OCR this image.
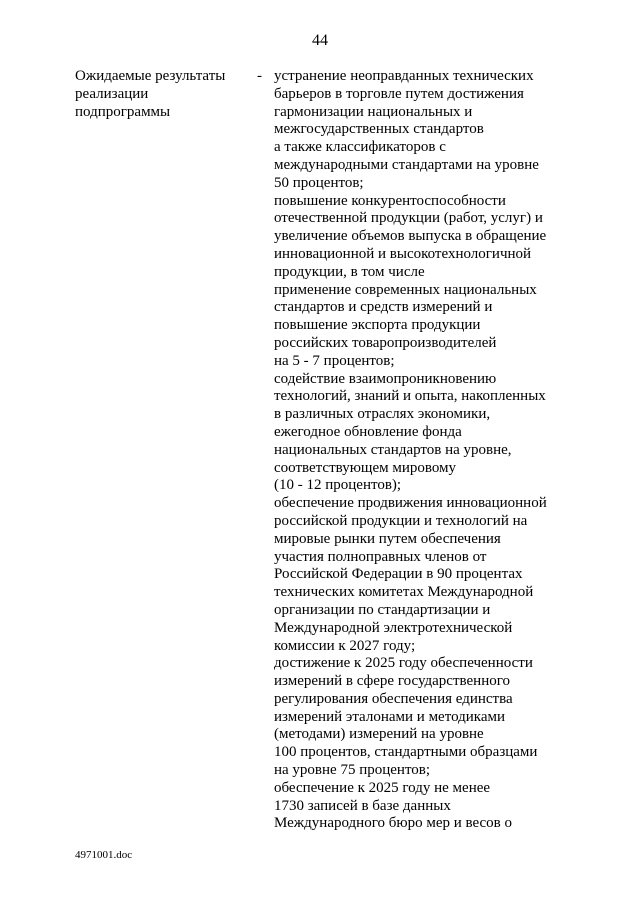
44
Ожидаемые результаты
реализации
подпрограммы
- устранение неоправданных технических
барьеров в торговле путем достижения
гармонизации национальных и
межгосударственных стандартов
а также классификаторов с
международными стандартами на уровне
50 процентов;
повышение конкурентоспособности
отечественной продукции (работ, услуг) и
увеличение объемов выпуска в обращение
инновационной и высокотехнологичной
продукции, в том числе
применение современных национальных
стандартов и средств измерений и
повышение экспорта продукции
российских товаропроизводителей
на 5 - 7 процентов;
содействие взаимопроникновению
технологий, знаний и опыта, накопленных
в различных отраслях экономики,
ежегодное обновление фонда
национальных стандартов на уровне,
соответствующем мировому
(10 - 12 процентов);
обеспечение продвижения инновационной
российской продукции и технологий на
мировые рынки путем обеспечения
участия полноправных членов от
Российской Федерации в 90 процентах
технических комитетах Международной
организации по стандартизации и
Международной электротехнической
комиссии к 2027 году;
достижение к 2025 году обеспеченности
измерений в сфере государственного
регулирования обеспечения единства
измерений эталонами и методиками
(методами) измерений на уровне
100 процентов, стандартными образцами
на уровне 75 процентов;
обеспечение к 2025 году не менее
1730 записей в базе данных
Международного бюро мер и весов о
4971001.doc
